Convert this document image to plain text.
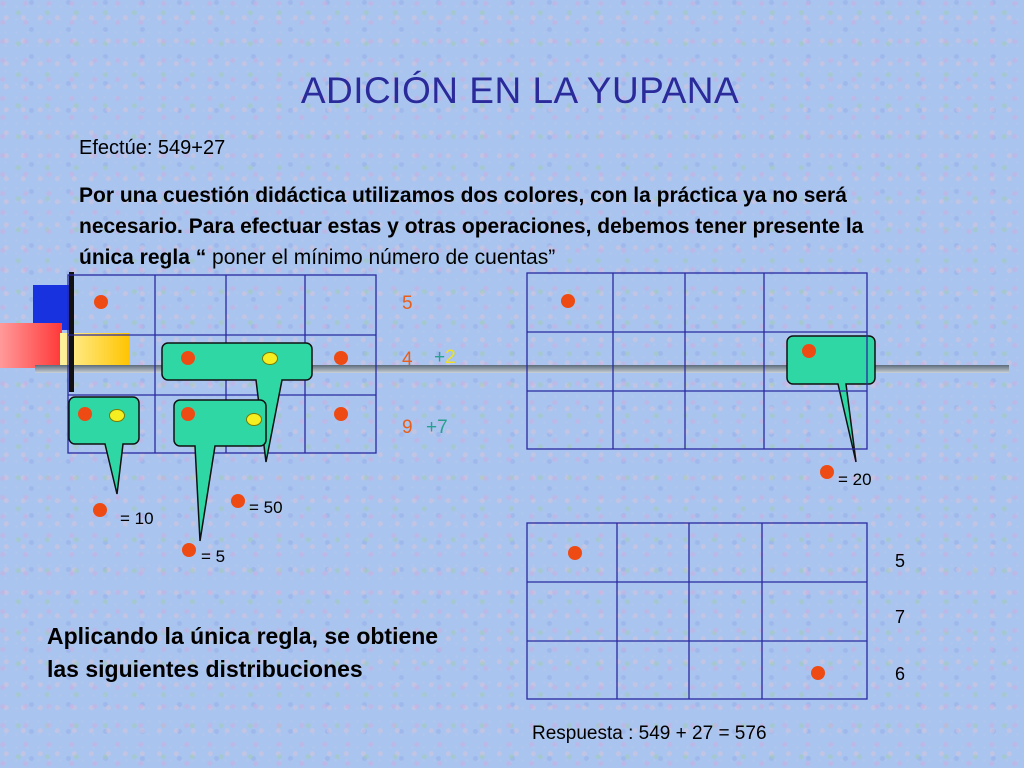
ADICIÓN EN LA YUPANA
Efectúe: 549+27
Por una cuestión didáctica utilizamos dos colores, con la práctica ya no será necesario. Para efectuar estas y otras operaciones, debemos tener presente la única regla “ poner el mínimo número de cuentas”
5
4
9
+2
+7
= 10
= 5
= 50
= 20
5
7
6
Aplicando la única regla, se obtiene las siguientes distribuciones
Respuesta : 549 + 27 = 576
